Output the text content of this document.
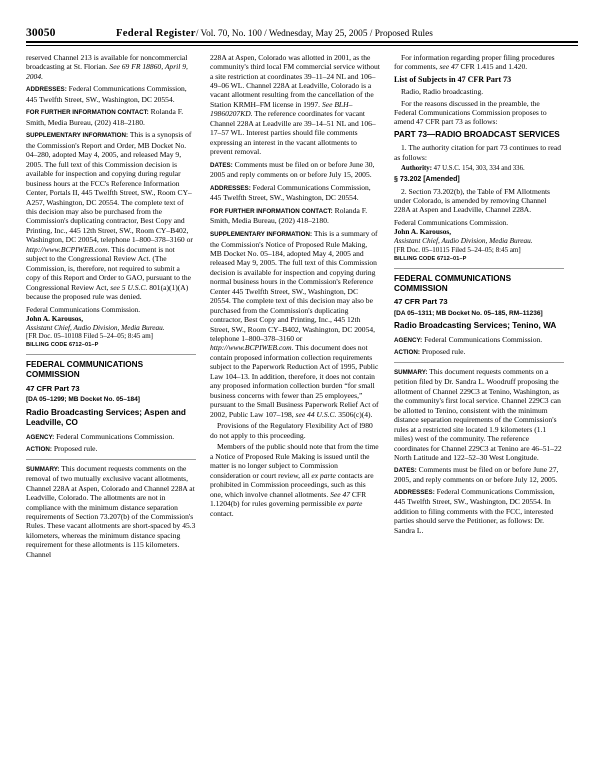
30050	Federal Register/ Vol. 70, No. 100 / Wednesday, May 25, 2005 / Proposed Rules

reserved Channel 213 is available for noncommercial broadcasting at St. Florian. See 69 FR 18860, April 9, 2004.

ADDRESSES: Federal Communications Commission, 445 Twelfth Street, SW., Washington, DC 20554.

FOR FURTHER INFORMATION CONTACT: Rolanda F. Smith, Media Bureau, (202) 418–2180.

SUPPLEMENTARY INFORMATION: This is a synopsis of the Commission's Report and Order, MB Docket No. 04–280, adopted May 4, 2005, and released May 9, 2005. The full text of this Commission decision is available for inspection and copying during regular business hours at the FCC's Reference Information Center, Portals II, 445 Twelfth Street, SW., Room CY–A257, Washington, DC 20554. The complete text of this decision may also be purchased from the Commission's duplicating contractor, Best Copy and Printing, Inc., 445 12th Street, SW., Room CY–B402, Washington, DC 20054, telephone 1–800–378–3160 or http://www.BCPIWEB.com. This document is not subject to the Congressional Review Act. (The Commission, is, therefore, not required to submit a copy of this Report and Order to GAO, pursuant to the Congressional Review Act, see 5 U.S.C. 801(a)(1)(A) because the proposed rule was denied.

Federal Communications Commission.

John A. Karousos,

Assistant Chief, Audio Division, Media Bureau.

[FR Doc. 05–10108 Filed 5–24–05; 8:45 am]

BILLING CODE 6712–01–P

FEDERAL COMMUNICATIONS COMMISSION

47 CFR Part 73

[DA 05–1299; MB Docket No. 05–184]

Radio Broadcasting Services; Aspen and Leadville, CO

AGENCY: Federal Communications Commission.

ACTION: Proposed rule.

SUMMARY: This document requests comments on the removal of two mutually exclusive vacant allotments, Channel 228A at Aspen, Colorado and Channel 228A at Leadville, Colorado. The allotments are not in compliance with the minimum distance separation requirements of Section 73.207(b) of the Commission's Rules. These vacant allotments are short-spaced by 45.3 kilometers, whereas the minimum distance spacing requirement for these allotments is 115 kilometers. Channel

228A at Aspen, Colorado was allotted in 2001, as the community's third local FM commercial service without a site restriction at coordinates 39–11–24 NL and 106–49–06 WL. Channel 228A at Leadville, Colorado is a vacant allotment resulting from the cancellation of the Station KRMH–FM license in 1997. See BLH–19860207KD. The reference coordinates for vacant Channel 228A at Leadville are 39–14–51 NL and 106–17–57 WL. Interest parties should file comments expressing an interest in the vacant allotments to prevent removal.

DATES: Comments must be filed on or before June 30, 2005 and reply comments on or before July 15, 2005.

ADDRESSES: Federal Communications Commission, 445 Twelfth Street, SW., Washington, DC 20554.

FOR FURTHER INFORMATION CONTACT: Rolanda F. Smith, Media Bureau, (202) 418–2180.

SUPPLEMENTARY INFORMATION: This is a summary of the Commission's Notice of Proposed Rule Making, MB Docket No. 05–184, adopted May 4, 2005 and released May 9, 2005. The full text of this Commission decision is available for inspection and copying during normal business hours in the Commission's Reference Center 445 Twelfth Street, SW., Washington, DC 20554. The complete text of this decision may also be purchased from the Commission's duplicating contractor, Best Copy and Printing, Inc., 445 12th Street, SW., Room CY–B402, Washington, DC 20054, telephone 1–800–378–3160 or http://www.BCPIWEB.com. This document does not contain proposed information collection requirements subject to the Paperwork Reduction Act of 1995, Public Law 104–13. In addition, therefore, it does not contain any proposed information collection burden “for small business concerns with fewer than 25 employees,” pursuant to the Small Business Paperwork Relief Act of 2002, Public Law 107–198, see 44 U.S.C. 3506(c)(4).

Provisions of the Regulatory Flexibility Act of l980 do not apply to this proceeding.

Members of the public should note that from the time a Notice of Proposed Rule Making is issued until the matter is no longer subject to Commission consideration or court review, all ex parte contacts are prohibited in Commission proceedings, such as this one, which involve channel allotments. See 47 CFR 1.1204(b) for rules governing permissible ex parte contact.

For information regarding proper filing procedures for comments, see 47 CFR 1.415 and 1.420.

List of Subjects in 47 CFR Part 73

Radio, Radio broadcasting.

For the reasons discussed in the preamble, the Federal Communications Commission proposes to amend 47 CFR part 73 as follows:

PART 73—RADIO BROADCAST SERVICES

1. The authority citation for part 73 continues to read as follows:

Authority: 47 U.S.C. 154, 303, 334 and 336.

§ 73.202 [Amended]

2. Section 73.202(b), the Table of FM Allotments under Colorado, is amended by removing Channel 228A at Aspen and Leadville, Channel 228A.

Federal Communications Commission.

John A. Karousos,

Assistant Chief, Audio Division, Media Bureau.

[FR Doc. 05–10115 Filed 5–24–05; 8:45 am]

BILLING CODE 6712–01–P

FEDERAL COMMUNICATIONS COMMISSION

47 CFR Part 73

[DA 05–1311; MB Docket No. 05–185, RM–11236]

Radio Broadcasting Services; Tenino, WA

AGENCY: Federal Communications Commission.

ACTION: Proposed rule.

SUMMARY: This document requests comments on a petition filed by Dr. Sandra L. Woodruff proposing the allotment of Channel 229C3 at Tenino, Washington, as the community's first local service. Channel 229C3 can be allotted to Tenino, consistent with the minimum distance separation requirements of the Commission's rules at a restricted site located 1.9 kilometers (1.1 miles) west of the community. The reference coordinates for Channel 229C3 at Tenino are 46–51–22 North Latitude and 122–52–30 West Longitude.

DATES: Comments must be filed on or before June 27, 2005, and reply comments on or before July 12, 2005.

ADDRESSES: Federal Communications Commission, 445 Twelfth Street, SW., Washington, DC 20554. In addition to filing comments with the FCC, interested parties should serve the Petitioner, as follows: Dr. Sandra L.
